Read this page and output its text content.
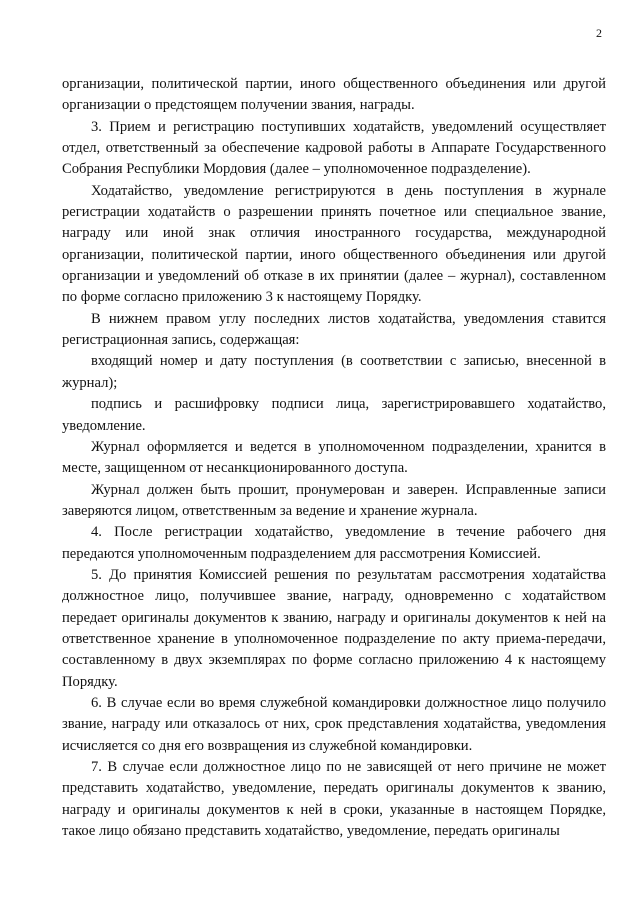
2

организации, политической партии, иного общественного объединения или другой организации о предстоящем получении звания, награды.

3. Прием и регистрацию поступивших ходатайств, уведомлений осуществляет отдел, ответственный за обеспечение кадровой работы в Аппарате Государственного Собрания Республики Мордовия (далее – уполномоченное подразделение).

Ходатайство, уведомление регистрируются в день поступления в журнале регистрации ходатайств о разрешении принять почетное или специальное звание, награду или иной знак отличия иностранного государства, международной организации, политической партии, иного общественного объединения или другой организации и уведомлений об отказе в их принятии (далее – журнал), составленном по форме согласно приложению 3 к настоящему Порядку.

В нижнем правом углу последних листов ходатайства, уведомления ставится регистрационная запись, содержащая:

входящий номер и дату поступления (в соответствии с записью, внесенной в журнал);

подпись и расшифровку подписи лица, зарегистрировавшего ходатайство, уведомление.

Журнал оформляется и ведется в уполномоченном подразделении, хранится в месте, защищенном от несанкционированного доступа.

Журнал должен быть прошит, пронумерован и заверен. Исправленные записи заверяются лицом, ответственным за ведение и хранение журнала.

4. После регистрации ходатайство, уведомление в течение рабочего дня передаются уполномоченным подразделением для рассмотрения Комиссией.

5. До принятия Комиссией решения по результатам рассмотрения ходатайства должностное лицо, получившее звание, награду, одновременно с ходатайством передает оригиналы документов к званию, награду и оригиналы документов к ней на ответственное хранение в уполномоченное подразделение по акту приема-передачи, составленному в двух экземплярах по форме согласно приложению 4 к настоящему Порядку.

6. В случае если во время служебной командировки должностное лицо получило звание, награду или отказалось от них, срок представления ходатайства, уведомления исчисляется со дня его возвращения из служебной командировки.

7. В случае если должностное лицо по не зависящей от него причине не может представить ходатайство, уведомление, передать оригиналы документов к званию, награду и оригиналы документов к ней в сроки, указанные в настоящем Порядке, такое лицо обязано представить ходатайство, уведомление, передать оригиналы
